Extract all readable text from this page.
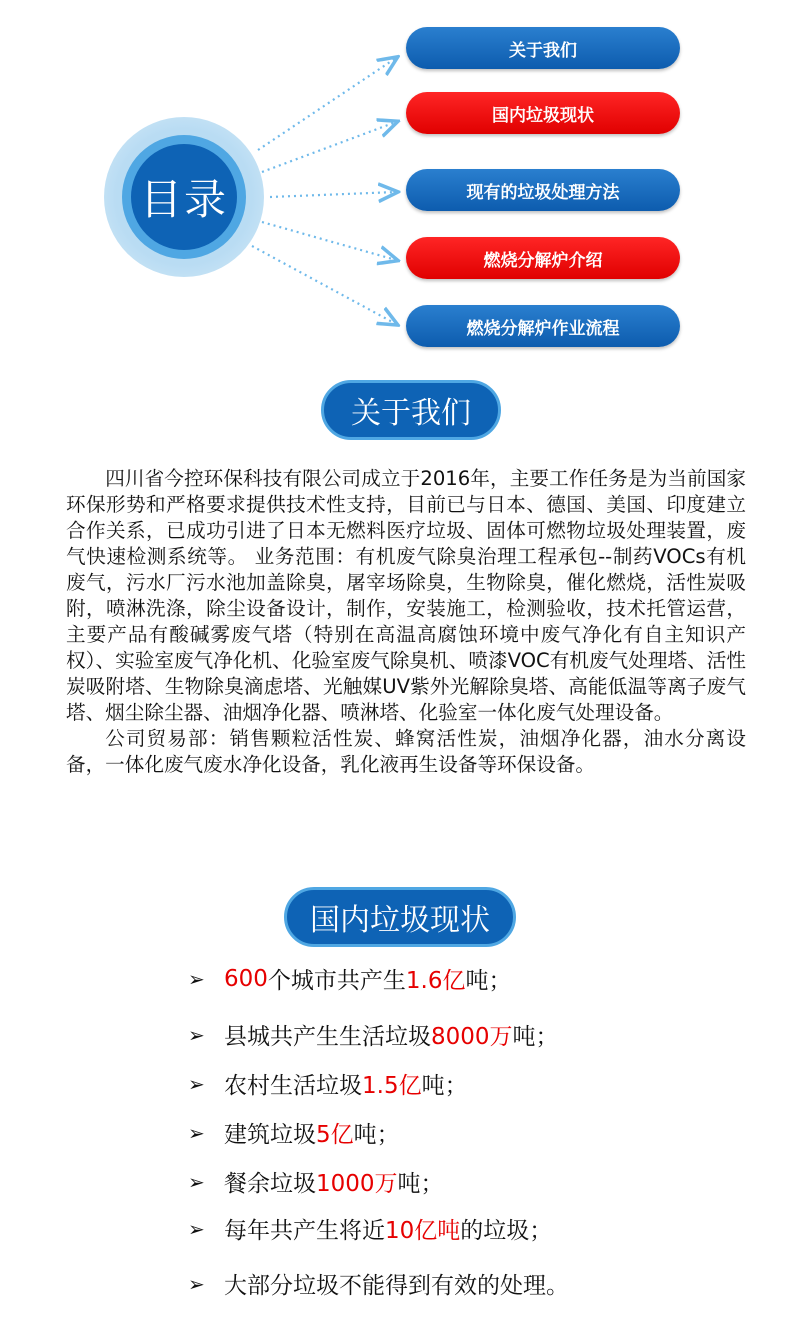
目录
关于我们
国内垃圾现状
现有的垃圾处理方法
燃烧分解炉介绍
燃烧分解炉作业流程
关于我们

四川省今控环保科技有限公司成立于2016年，主要工作任务是为当前国家环保形势和严格要求提供技术性支持，目前已与日本、德国、美国、印度建立合作关系，已成功引进了日本无燃料医疗垃圾、固体可燃物垃圾处理装置，废气快速检测系统等。 业务范围：有机废气除臭治理工程承包--制药VOCs有机废气，污水厂污水池加盖除臭，屠宰场除臭，生物除臭，催化燃烧，活性炭吸附，喷淋洗涤，除尘设备设计，制作，安装施工，检测验收，技术托管运营，主要产品有酸碱雾废气塔（特别在高温高腐蚀环境中废气净化有自主知识产权）、实验室废气净化机、化验室废气除臭机、喷漆VOC有机废气处理塔、活性炭吸附塔、生物除臭滴虑塔、光触媒UV紫外光解除臭塔、高能低温等离子废气塔、烟尘除尘器、油烟净化器、喷淋塔、化验室一体化废气处理设备。

公司贸易部：销售颗粒活性炭、蜂窝活性炭，油烟净化器，油水分离设备，一体化废气废水净化设备，乳化液再生设备等环保设备。

国内垃圾现状
➢ 600 个城市共产生 1.6亿 吨；
➢ 县城共产生生活垃圾 8000万 吨；
➢ 农村生活垃圾 1.5亿 吨；
➢ 建筑垃圾 5亿 吨；
➢ 餐余垃圾 1000万 吨；
➢ 每年共产生将近 10亿吨 的垃圾；
➢ 大部分垃圾不能得到有效的处理。
